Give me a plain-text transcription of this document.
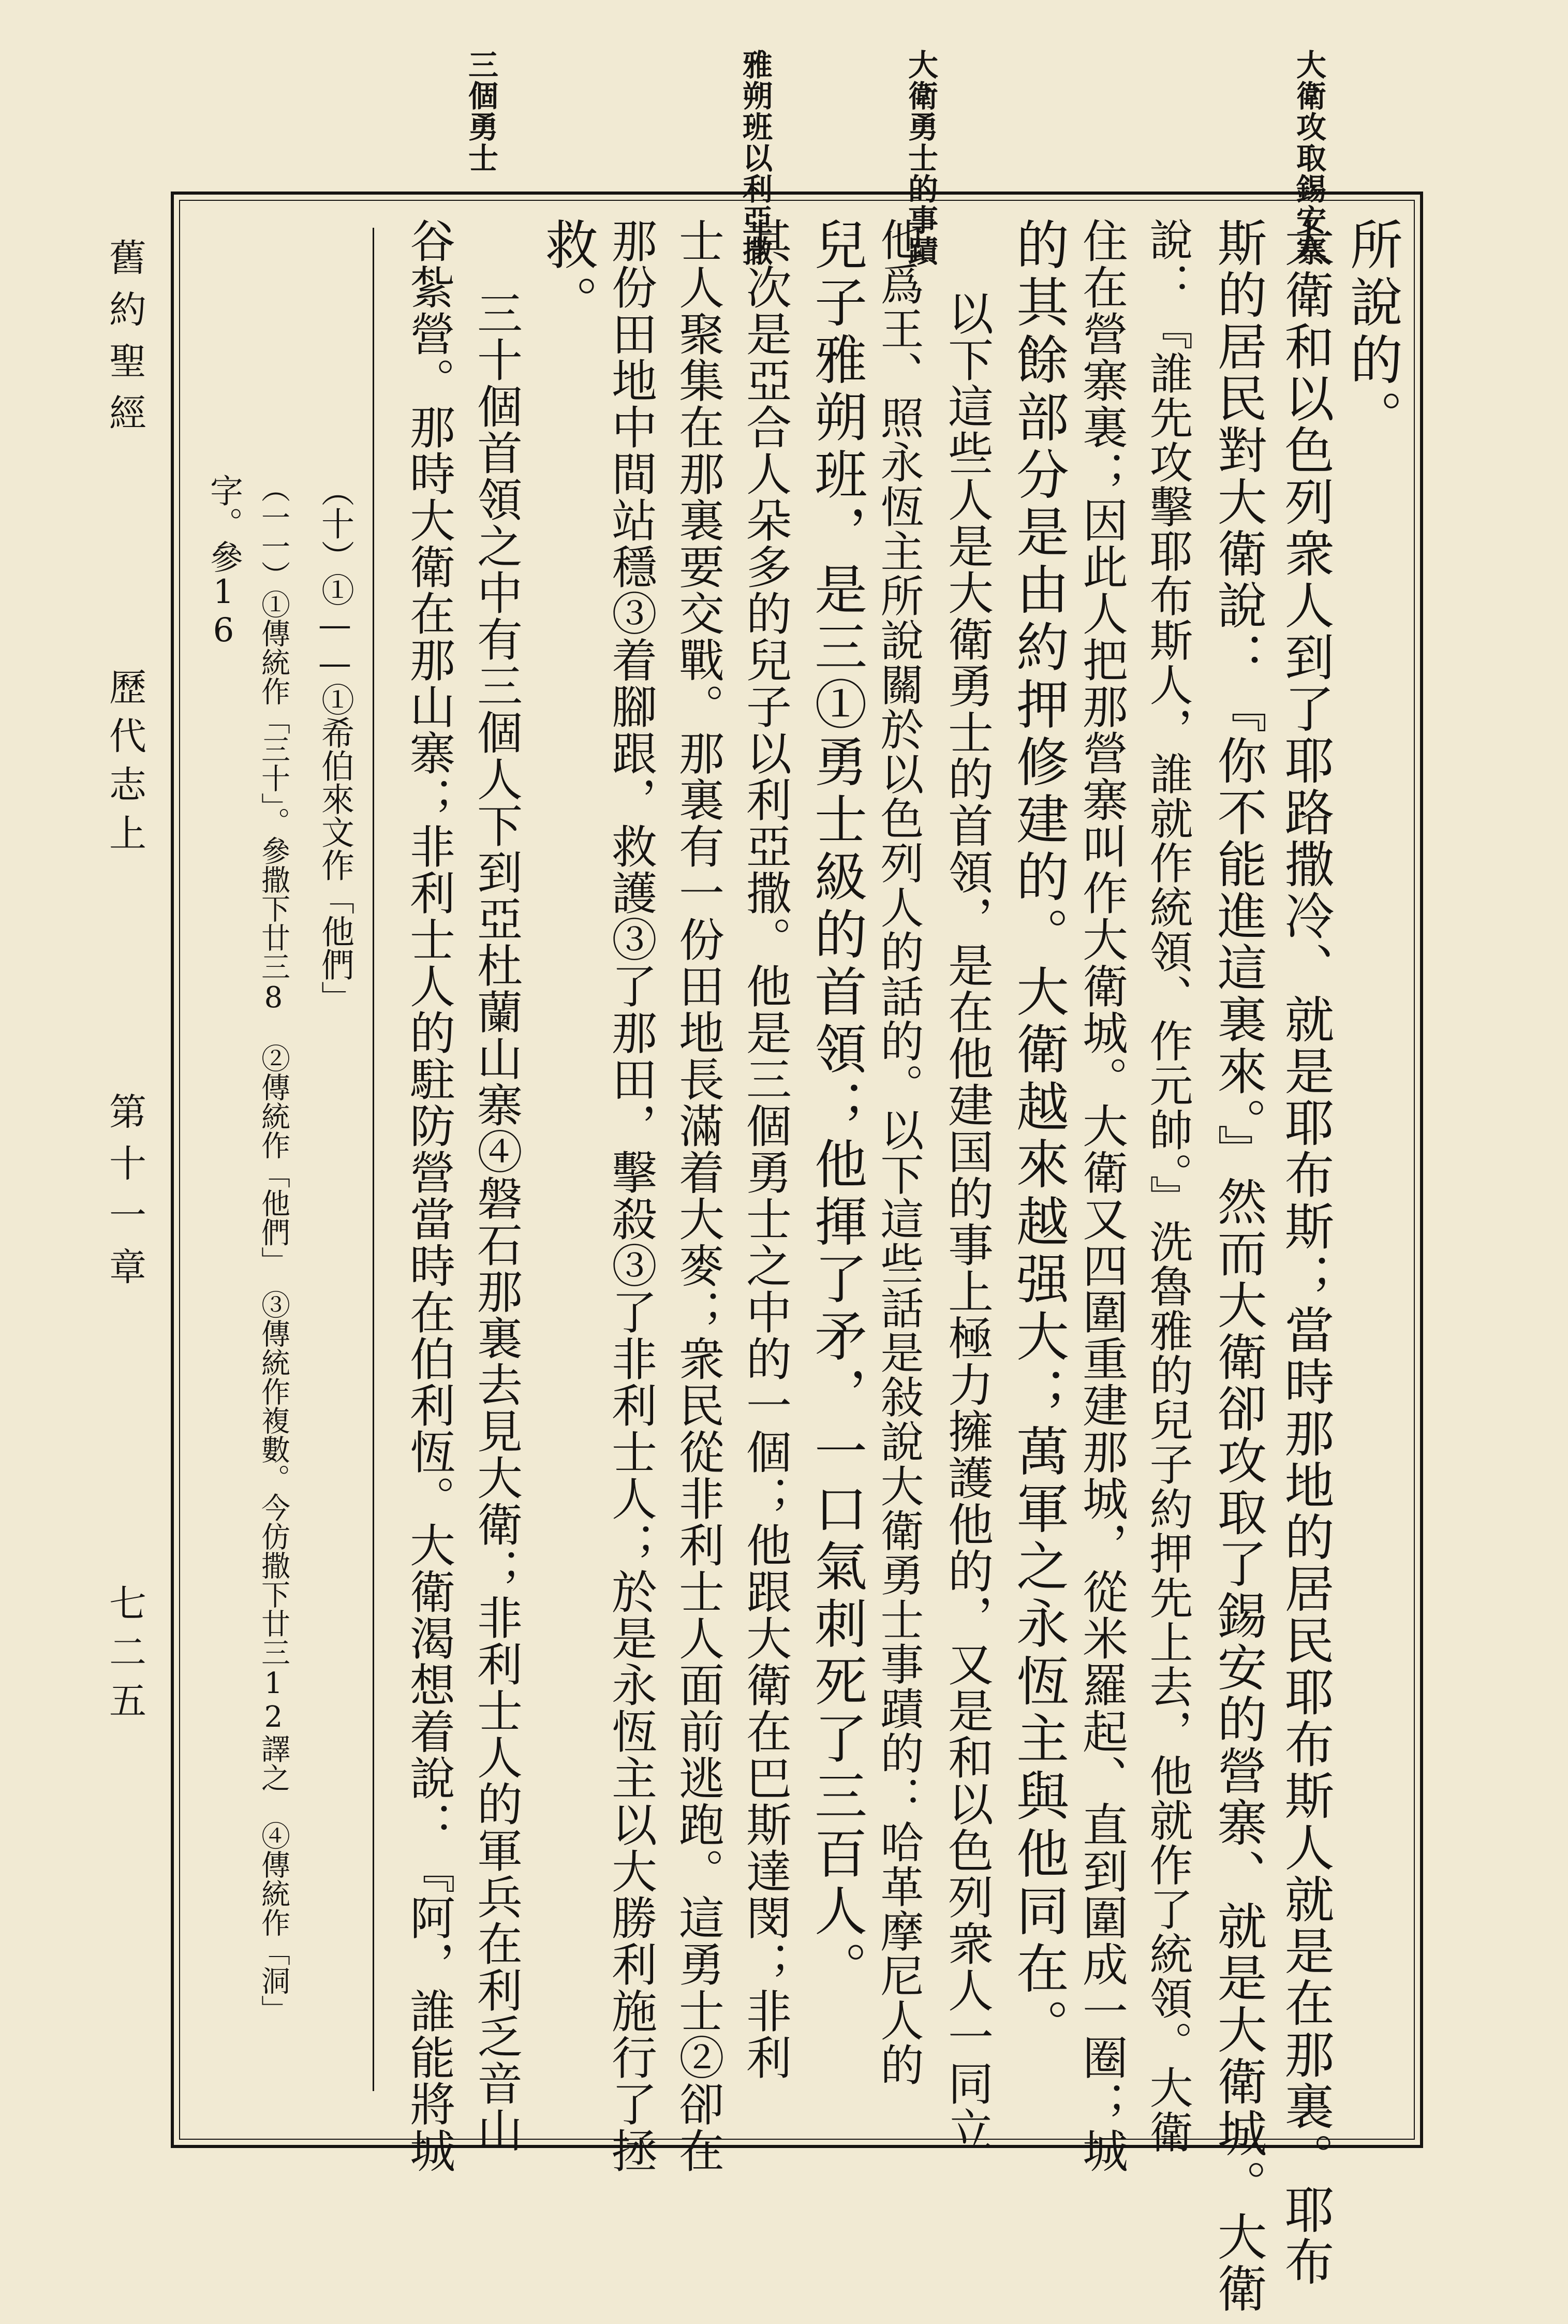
大衛攻取錫安寨
大衛勇士的事蹟
雅朔班以利亞撒
三個勇士
舊約聖經
歷代志上
第十一章
七二五
所說的。
大衛和以色列衆人到了耶路撒冷、就是耶布斯；當時那地的居民耶布斯人就是在那裏。耶布
斯的居民對大衛說：『你不能進這裏來。』然而大衛卻攻取了錫安的營寨、就是大衛城。大衛
說：『誰先攻擊耶布斯人，誰就作統領、作元帥。』洗魯雅的兒子約押先上去，他就作了統領。大衛
住在營寨裏；因此人把那營寨叫作大衛城。大衛又四圍重建那城，從米羅起、直到圍成一圈；城
的其餘部分是由約押修建的。大衛越來越强大；萬軍之永恆主與他同在。
以下這些人是大衛勇士的首領，是在他建国的事上極力擁護他的，又是和以色列衆人一同立
他爲王、照永恆主所說關於以色列人的話的。以下這些話是敍說大衛勇士事蹟的：哈革摩尼人的
兒子雅朔班，是三①勇士級的首領；他揮了矛，一口氣刺死了三百人。
其次是亞合人朵多的兒子以利亞撒。他是三個勇士之中的一個；他跟大衛在巴斯達閔；非利
士人聚集在那裏要交戰。那裏有一份田地長滿着大麥；衆民從非利士人面前逃跑。這勇士②卻在
那份田地中間站穩③着腳跟，救護③了那田，擊殺③了非利士人；於是永恆主以大勝利施行了拯
救。
三十個首領之中有三個人下到亞杜蘭山寨④磐石那裏去見大衛；非利士人的軍兵在利乏音山
谷紮營。那時大衛在那山寨；非利士人的駐防營當時在伯利恆。大衛渴想着說：『阿，誰能將城
（十）①——①希伯來文作「他們」
（一一）①傳統作「三十」。參撒下廿三8　②傳統作「他們」　③傳統作複數。今仿撒下廿三12譯之　④傳統作「洞」
字。參16
